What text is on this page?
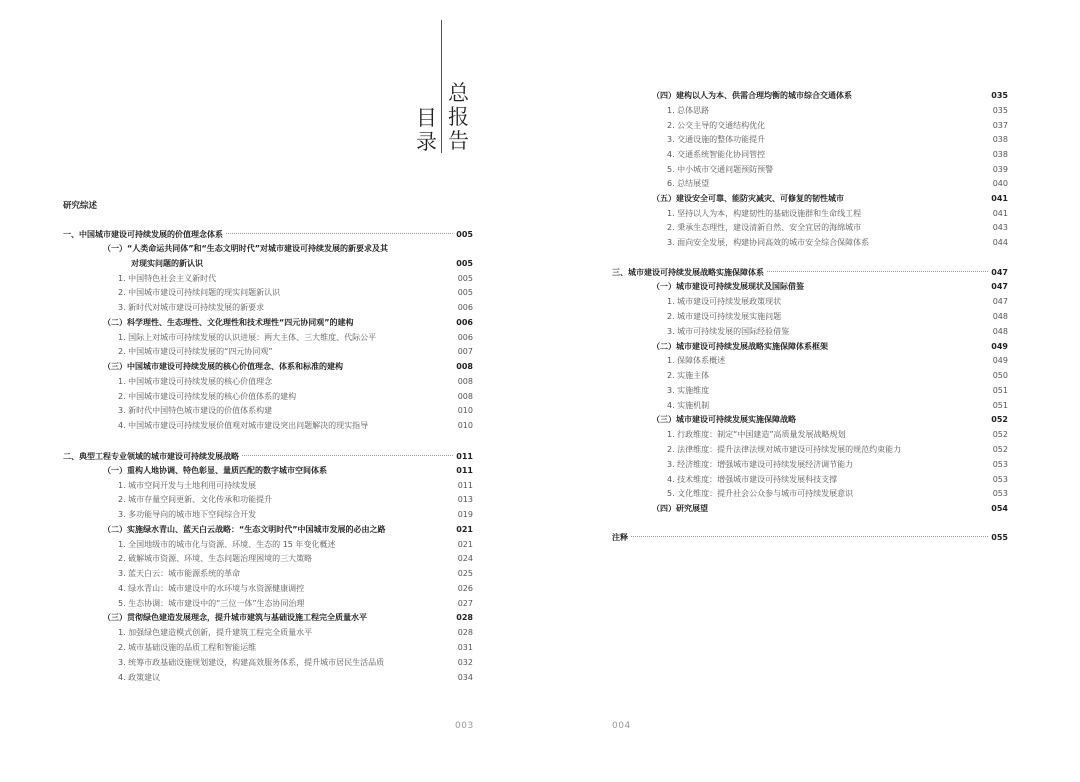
总
报
告
目
录
研究综述
一、中国城市建设可持续发展的价值理念体系	005
（一）“人类命运共同体”和“生态文明时代”对城市建设可持续发展的新要求及其
对现实问题的新认识	005
1. 中国特色社会主义新时代	005
2. 中国城市建设可持续问题的现实问题新认识	005
3. 新时代对城市建设可持续发展的新要求	006
（二）科学理性、生态理性、文化理性和技术理性“四元协同观”的建构	006
1. 国际上对城市可持续发展的认识进展：两大主体、三大维度、代际公平	006
2. 中国城市建设可持续发展的“四元协同观”	007
（三）中国城市建设可持续发展的核心价值理念、体系和标准的建构	008
1. 中国城市建设可持续发展的核心价值理念	008
2. 中国城市建设可持续发展的核心价值体系的建构	008
3. 新时代中国特色城市建设的价值体系构建	010
4. 中国城市建设可持续发展价值观对城市建设突出问题解决的现实指导	010
二、典型工程专业领域的城市建设可持续发展战略	011
（一）重构人地协调、特色彰显、量质匹配的数字城市空间体系	011
1. 城市空间开发与土地利用可持续发展	011
2. 城市存量空间更新、文化传承和功能提升	013
3. 多功能导向的城市地下空间综合开发	019
（二）实施绿水青山、蓝天白云战略：“生态文明时代”中国城市发展的必由之路	021
1. 全国地级市的城市化与资源、环境、生态的 15 年变化概述	021
2. 破解城市资源、环境、生态问题治理困境的三大策略	024
3. 蓝天白云：城市能源系统的革命	025
4. 绿水青山：城市建设中的水环境与水资源健康调控	026
5. 生态协调：城市建设中的“三位一体”生态协同治理	027
（三）贯彻绿色建造发展理念，提升城市建筑与基础设施工程完全质量水平	028
1. 加强绿色建造模式创新，提升建筑工程完全质量水平	028
2. 城市基础设施的品质工程和智能运维	031
3. 统筹市政基础设施规划建设，构建高效服务体系，提升城市居民生活品质	032
4. 政策建议	034
003
（四）建构以人为本、供需合理均衡的城市综合交通体系	035
1. 总体思路	035
2. 公交主导的交通结构优化	037
3. 交通设施的整体功能提升	038
4. 交通系统智能化协同管控	038
5. 中小城市交通问题预防预警	039
6. 总结展望	040
（五）建设安全可靠、能防灾减灾、可修复的韧性城市	041
1. 坚持以人为本，构建韧性的基础设施群和生命线工程	041
2. 秉承生态理性，建设清新自然、安全宜居的海绵城市	043
3. 面向安全发展，构建协同高效的城市安全综合保障体系	044
三、城市建设可持续发展战略实施保障体系	047
（一）城市建设可持续发展现状及国际借鉴	047
1. 城市建设可持续发展政策现状	047
2. 城市建设可持续发展实施问题	048
3. 城市可持续发展的国际经验借鉴	048
（二）城市建设可持续发展战略实施保障体系框架	049
1. 保障体系概述	049
2. 实施主体	050
3. 实施维度	051
4. 实施机制	051
（三）城市建设可持续发展实施保障战略	052
1. 行政维度：制定“中国建造”高质量发展战略规划	052
2. 法律维度：提升法律法规对城市建设可持续发展的规范约束能力	052
3. 经济维度：增强城市建设可持续发展经济调节能力	053
4. 技术维度：增强城市建设可持续发展科技支撑	053
5. 文化维度：提升社会公众参与城市可持续发展意识	053
（四）研究展望	054
注释	055
004
